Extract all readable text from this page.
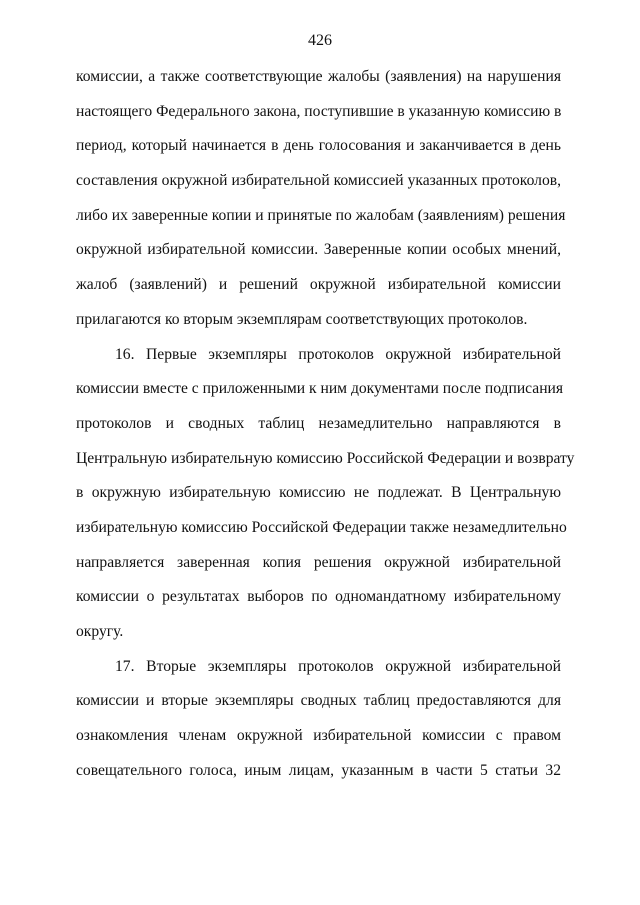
426
комиссии, а также соответствующие жалобы (заявления) на нарушения
настоящего Федерального закона, поступившие в указанную комиссию в
период, который начинается в день голосования и заканчивается в день
составления окружной избирательной комиссией указанных протоколов,
либо их заверенные копии и принятые по жалобам (заявлениям) решения
окружной избирательной комиссии. Заверенные копии особых мнений,
жалоб (заявлений) и решений окружной избирательной комиссии
прилагаются ко вторым экземплярам соответствующих протоколов.
16. Первые экземпляры протоколов окружной избирательной
комиссии вместе с приложенными к ним документами после подписания
протоколов и сводных таблиц незамедлительно направляются в
Центральную избирательную комиссию Российской Федерации и возврату
в окружную избирательную комиссию не подлежат. В Центральную
избирательную комиссию Российской Федерации также незамедлительно
направляется заверенная копия решения окружной избирательной
комиссии о результатах выборов по одномандатному избирательному
округу.
17. Вторые экземпляры протоколов окружной избирательной
комиссии и вторые экземпляры сводных таблиц предоставляются для
ознакомления членам окружной избирательной комиссии с правом
совещательного голоса, иным лицам, указанным в части 5 статьи 32
